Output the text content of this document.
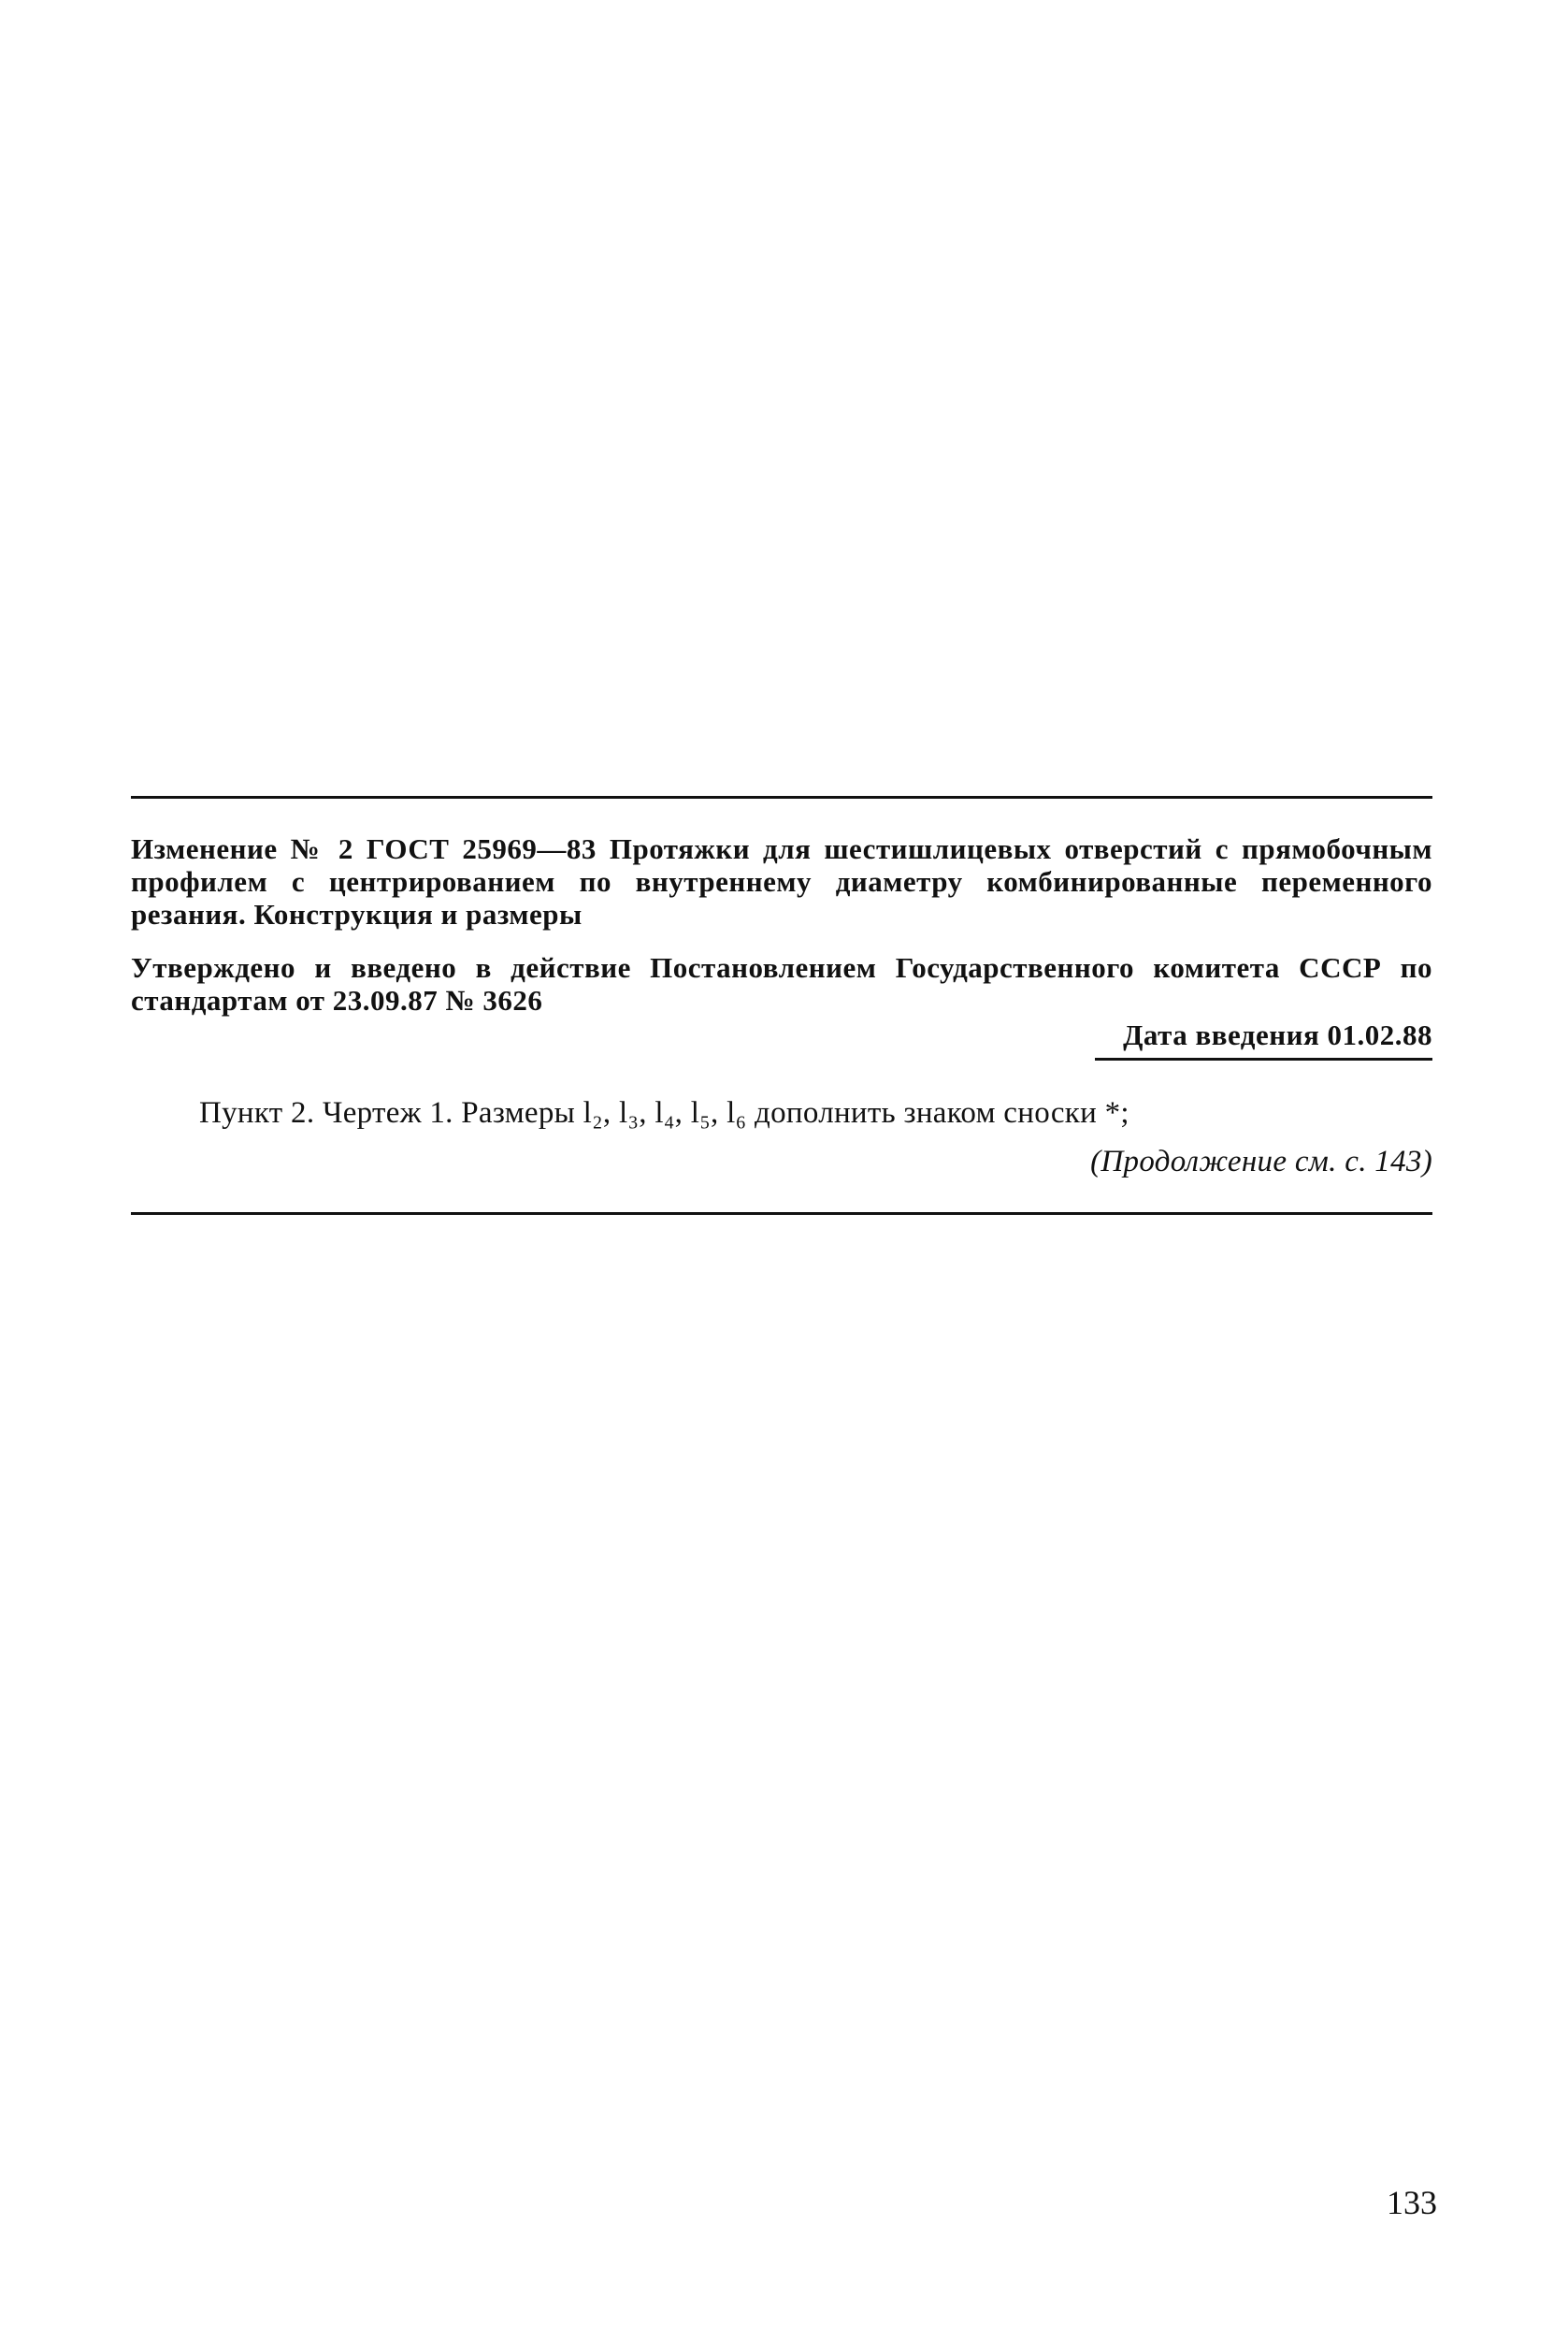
Изменение № 2 ГОСТ 25969—83 Протяжки для шестишлицевых отверстий с прямобочным профилем с центрированием по внутреннему диаметру комбинированные переменного резания. Конструкция и размеры
Утверждено и введено в действие Постановлением Государственного комитета СССР по стандартам от 23.09.87 № 3626
Дата введения 01.02.88
Пункт 2. Чертеж 1. Размеры l₂, l₃, l₄, l₅, l₆ дополнить знаком сноски *;
(Продолжение см. с. 143)
133
